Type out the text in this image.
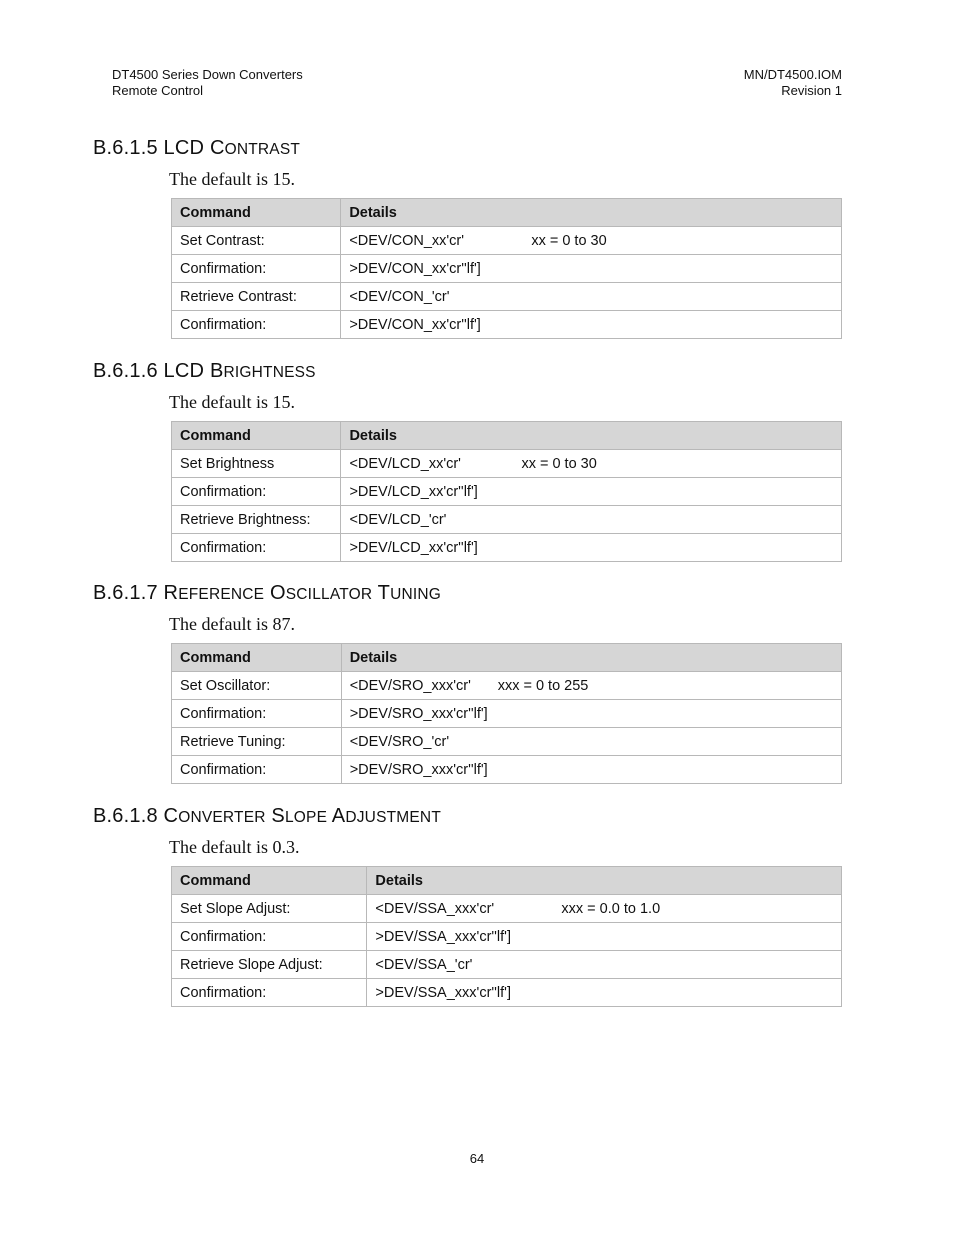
DT4500 Series Down Converters
Remote Control
MN/DT4500.IOM
Revision 1
B.6.1.5 LCD CONTRAST

The default is 15.

Command	Details
Set Contrast:	<DEV/CON_xx'cr' xx = 0 to 30
Confirmation:	>DEV/CON_xx'cr''lf']
Retrieve Contrast:	<DEV/CON_'cr'
Confirmation:	>DEV/CON_xx'cr''lf']
B.6.1.6 LCD BRIGHTNESS

The default is 15.

Command	Details
Set Brightness	<DEV/LCD_xx'cr' xx = 0 to 30
Confirmation:	>DEV/LCD_xx'cr''lf']
Retrieve Brightness:	<DEV/LCD_'cr'
Confirmation:	>DEV/LCD_xx'cr''lf']
B.6.1.7 REFERENCE OSCILLATOR TUNING

The default is 87.

Command	Details
Set Oscillator:	<DEV/SRO_xxx'cr' xxx = 0 to 255
Confirmation:	>DEV/SRO_xxx'cr''lf']
Retrieve Tuning:	<DEV/SRO_'cr'
Confirmation:	>DEV/SRO_xxx'cr''lf']
B.6.1.8 CONVERTER SLOPE ADJUSTMENT

The default is 0.3.

Command	Details
Set Slope Adjust:	<DEV/SSA_xxx'cr' xxx = 0.0 to 1.0
Confirmation:	>DEV/SSA_xxx'cr''lf']
Retrieve Slope Adjust:	<DEV/SSA_'cr'
Confirmation:	>DEV/SSA_xxx'cr''lf']
64
